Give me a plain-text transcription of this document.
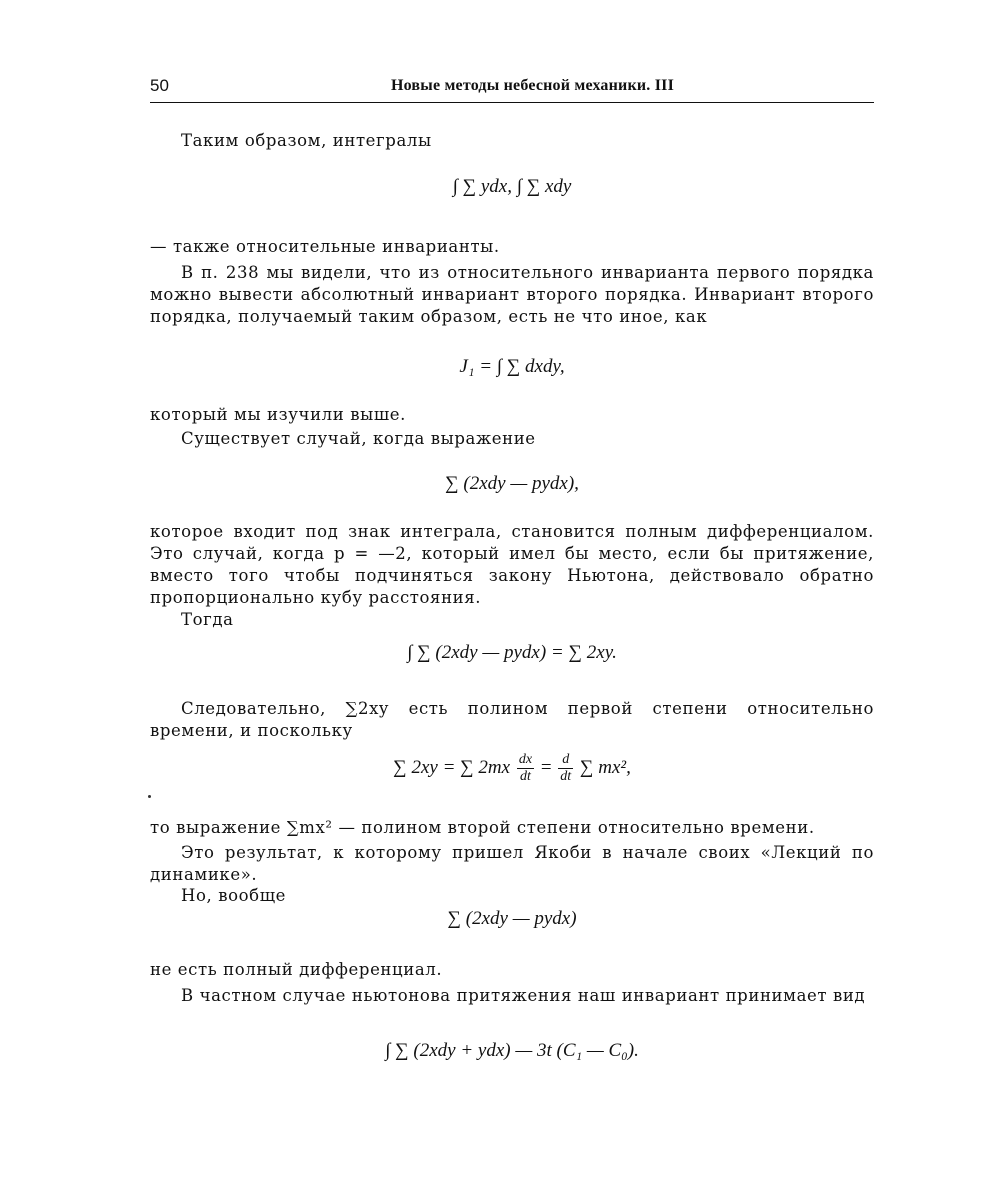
50	Новые методы небесной механики. III
Таким образом, интегралы
∫ ∑ ydx, ∫ ∑ xdy
— также относительные инварианты.
В п. 238 мы видели, что из относительного инварианта первого порядка можно вывести абсолютный инвариант второго порядка. Инвариант второго порядка, получаемый таким образом, есть не что иное, как
J₁ = ∫ ∑ dxdy,
который мы изучили выше.
Существует случай, когда выражение
∑ (2xdy — pydx),
которое входит под знак интеграла, становится полным дифференциалом. Это случай, когда p = —2, который имел бы место, если бы притяжение, вместо того чтобы подчиняться закону Ньютона, действовало обратно пропорционально кубу расстояния.
Тогда
∫ ∑ (2xdy — pydx) = ∑ 2xy.
Следовательно, ∑2xy есть полином первой степени относительно времени, и поскольку
∑ 2xy = ∑ $2mx \frac{dx}{dt} = \frac{d}{dt}$ ∑ mx²,
то выражение ∑mx² — полином второй степени относительно времени.
Это результат, к которому пришел Якоби в начале своих «Лекций по динамике».
Но, вообще
∑ (2xdy — pydx)
не есть полный дифференциал.
В частном случае ньютонова притяжения наш инвариант принимает вид
∫ ∑ (2xdy + ydx) — 3t (C₁ — C₀).
